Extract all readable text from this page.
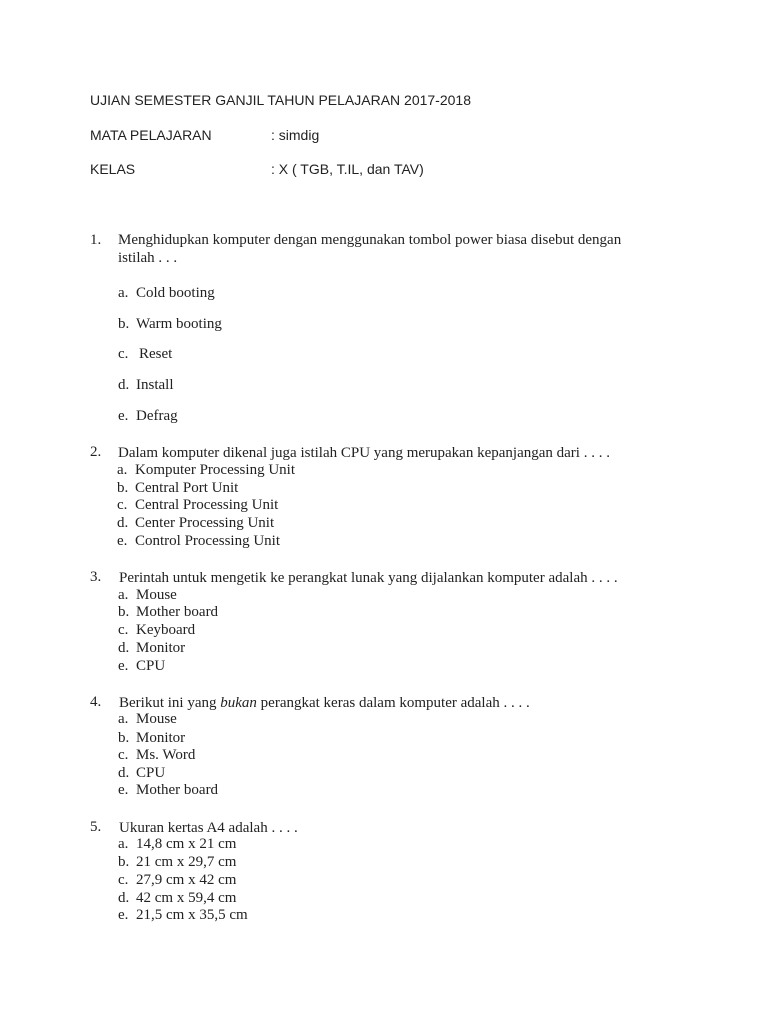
UJIAN SEMESTER GANJIL TAHUN PELAJARAN 2017-2018
MATA PELAJARAN	: simdig
KELAS	: X ( TGB, T.IL, dan TAV)
1. Menghidupkan komputer dengan menggunakan tombol power biasa disebut dengan
istilah . . .
a. Cold booting
b. Warm booting
c. Reset
d. Install
e. Defrag
2. Dalam komputer dikenal juga istilah CPU yang merupakan kepanjangan dari . . . .
a. Komputer Processing Unit
b. Central Port Unit
c. Central Processing Unit
d. Center Processing Unit
e. Control Processing Unit
3. Perintah untuk mengetik ke perangkat lunak yang dijalankan komputer adalah . . . .
a. Mouse
b. Mother board
c. Keyboard
d. Monitor
e. CPU
4. Berikut ini yang bukan perangkat keras dalam komputer adalah . . . .
a. Mouse
b. Monitor
c. Ms. Word
d. CPU
e. Mother board
5. Ukuran kertas A4 adalah . . . .
a. 14,8 cm x 21 cm
b. 21 cm x 29,7 cm
c. 27,9 cm x 42 cm
d. 42 cm x 59,4 cm
e. 21,5 cm x 35,5 cm
